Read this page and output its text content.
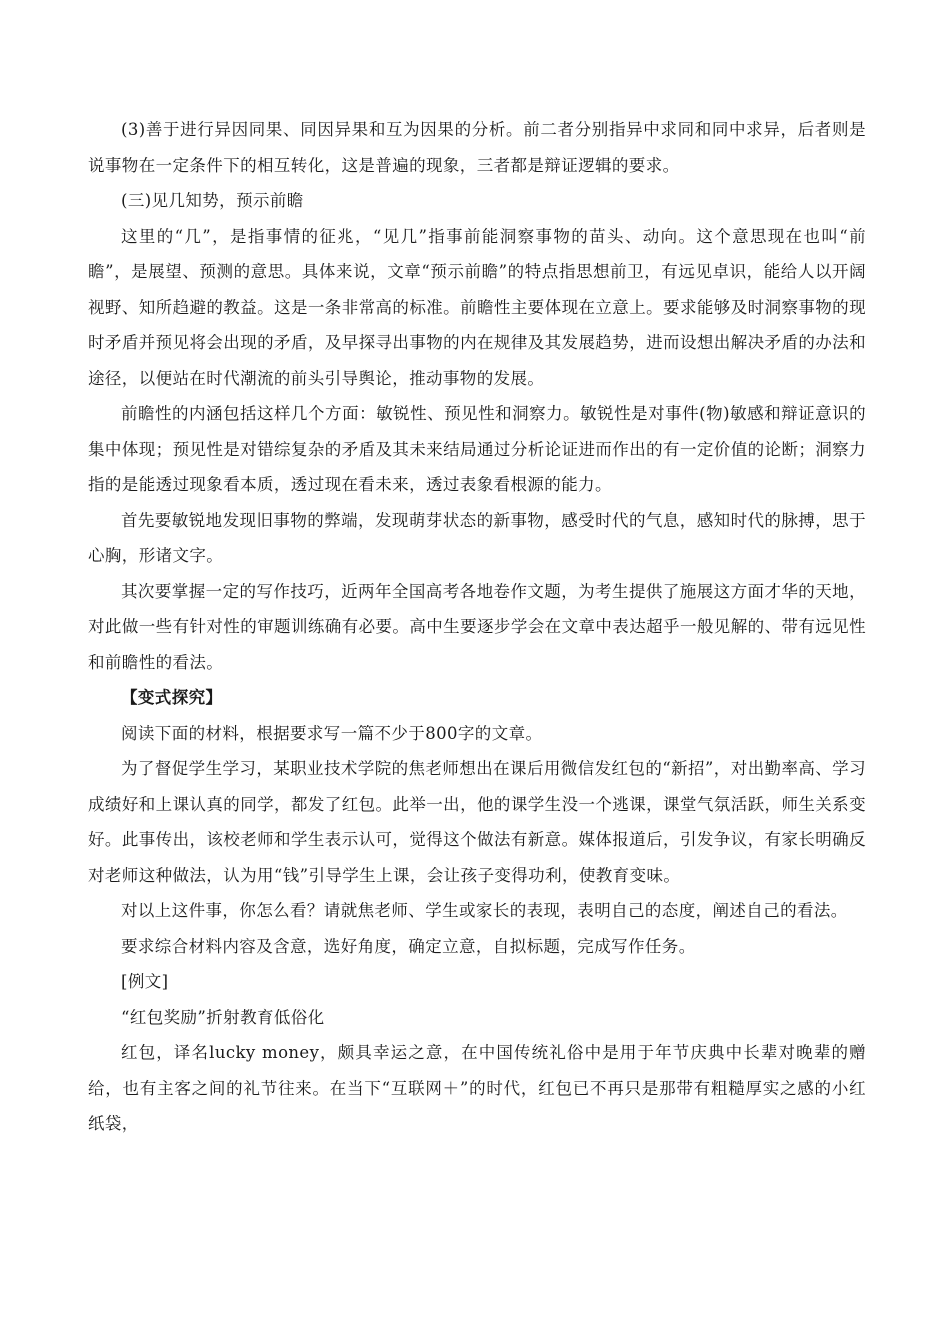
(3)善于进行异因同果、同因异果和互为因果的分析。前二者分别指异中求同和同中求异，后者则是说事物在一定条件下的相互转化，这是普遍的现象，三者都是辩证逻辑的要求。

(三)见几知势，预示前瞻

这里的“几”，是指事情的征兆，“见几”指事前能洞察事物的苗头、动向。这个意思现在也叫“前瞻”，是展望、预测的意思。具体来说，文章“预示前瞻”的特点指思想前卫，有远见卓识，能给人以开阔视野、知所趋避的教益。这是一条非常高的标准。前瞻性主要体现在立意上。要求能够及时洞察事物的现时矛盾并预见将会出现的矛盾，及早探寻出事物的内在规律及其发展趋势，进而设想出解决矛盾的办法和途径，以便站在时代潮流的前头引导舆论，推动事物的发展。

前瞻性的内涵包括这样几个方面：敏锐性、预见性和洞察力。敏锐性是对事件(物)敏感和辩证意识的集中体现；预见性是对错综复杂的矛盾及其未来结局通过分析论证进而作出的有一定价值的论断；洞察力指的是能透过现象看本质，透过现在看未来，透过表象看根源的能力。

首先要敏锐地发现旧事物的弊端，发现萌芽状态的新事物，感受时代的气息，感知时代的脉搏，思于心胸，形诸文字。

其次要掌握一定的写作技巧，近两年全国高考各地卷作文题，为考生提供了施展这方面才华的天地，对此做一些有针对性的审题训练确有必要。高中生要逐步学会在文章中表达超乎一般见解的、带有远见性和前瞻性的看法。

【变式探究】

阅读下面的材料，根据要求写一篇不少于800字的文章。

为了督促学生学习，某职业技术学院的焦老师想出在课后用微信发红包的“新招”，对出勤率高、学习成绩好和上课认真的同学，都发了红包。此举一出，他的课学生没一个逃课，课堂气氛活跃，师生关系变好。此事传出，该校老师和学生表示认可，觉得这个做法有新意。媒体报道后，引发争议，有家长明确反对老师这种做法，认为用“钱”引导学生上课，会让孩子变得功利，使教育变味。

对以上这件事，你怎么看？请就焦老师、学生或家长的表现，表明自己的态度，阐述自己的看法。

要求综合材料内容及含意，选好角度，确定立意，自拟标题，完成写作任务。

[例文]

“红包奖励”折射教育低俗化

红包，译名lucky money，颇具幸运之意，在中国传统礼俗中是用于年节庆典中长辈对晚辈的赠给，也有主客之间的礼节往来。在当下“互联网＋”的时代，红包已不再只是那带有粗糙厚实之感的小红纸袋，
